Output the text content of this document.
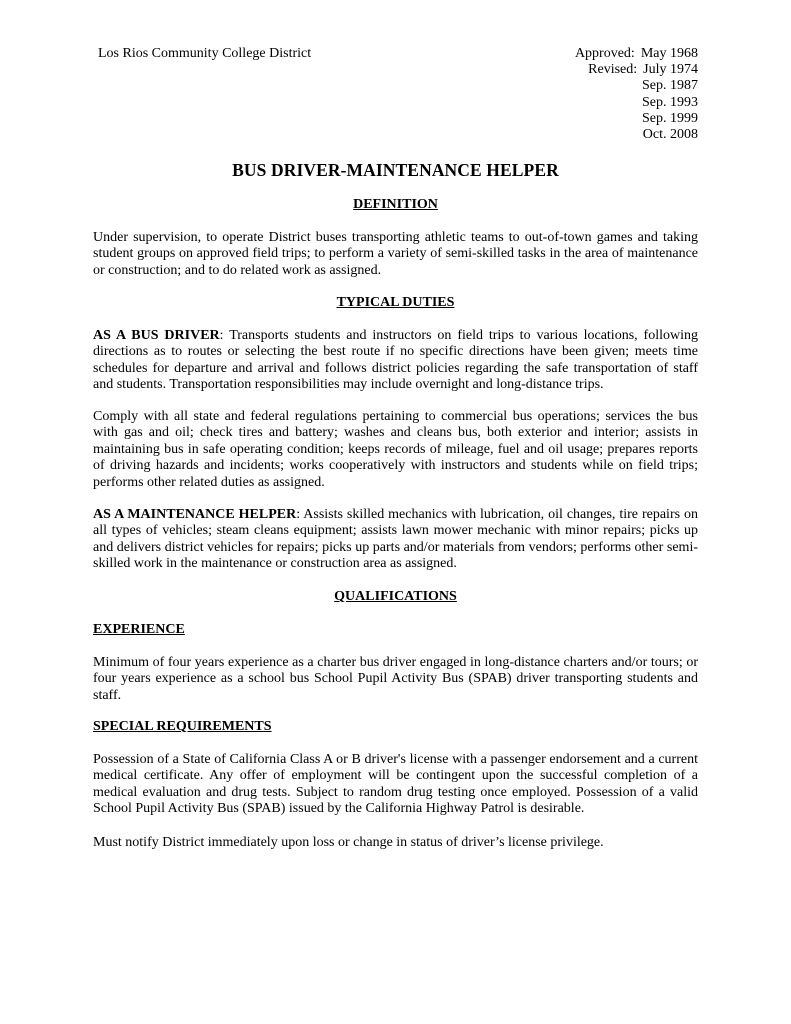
Los Rios Community College District	Approved: May 1968
Revised: July 1974
Sep. 1987
Sep. 1993
Sep. 1999
Oct. 2008
BUS DRIVER-MAINTENANCE HELPER
DEFINITION
Under supervision, to operate District buses transporting athletic teams to out-of-town games and taking student groups on approved field trips; to perform a variety of semi-skilled tasks in the area of maintenance or construction; and to do related work as assigned.
TYPICAL DUTIES
AS A BUS DRIVER: Transports students and instructors on field trips to various locations, following directions as to routes or selecting the best route if no specific directions have been given; meets time schedules for departure and arrival and follows district policies regarding the safe transportation of staff and students. Transportation responsibilities may include overnight and long-distance trips.
Comply with all state and federal regulations pertaining to commercial bus operations; services the bus with gas and oil; check tires and battery; washes and cleans bus, both exterior and interior; assists in maintaining bus in safe operating condition; keeps records of mileage, fuel and oil usage; prepares reports of driving hazards and incidents; works cooperatively with instructors and students while on field trips; performs other related duties as assigned.
AS A MAINTENANCE HELPER: Assists skilled mechanics with lubrication, oil changes, tire repairs on all types of vehicles; steam cleans equipment; assists lawn mower mechanic with minor repairs; picks up and delivers district vehicles for repairs; picks up parts and/or materials from vendors; performs other semi-skilled work in the maintenance or construction area as assigned.
QUALIFICATIONS
EXPERIENCE
Minimum of four years experience as a charter bus driver engaged in long-distance charters and/or tours; or four years experience as a school bus School Pupil Activity Bus (SPAB) driver transporting students and staff.
SPECIAL REQUIREMENTS
Possession of a State of California Class A or B driver's license with a passenger endorsement and a current medical certificate. Any offer of employment will be contingent upon the successful completion of a medical evaluation and drug tests. Subject to random drug testing once employed. Possession of a valid School Pupil Activity Bus (SPAB) issued by the California Highway Patrol is desirable.
Must notify District immediately upon loss or change in status of driver’s license privilege.
